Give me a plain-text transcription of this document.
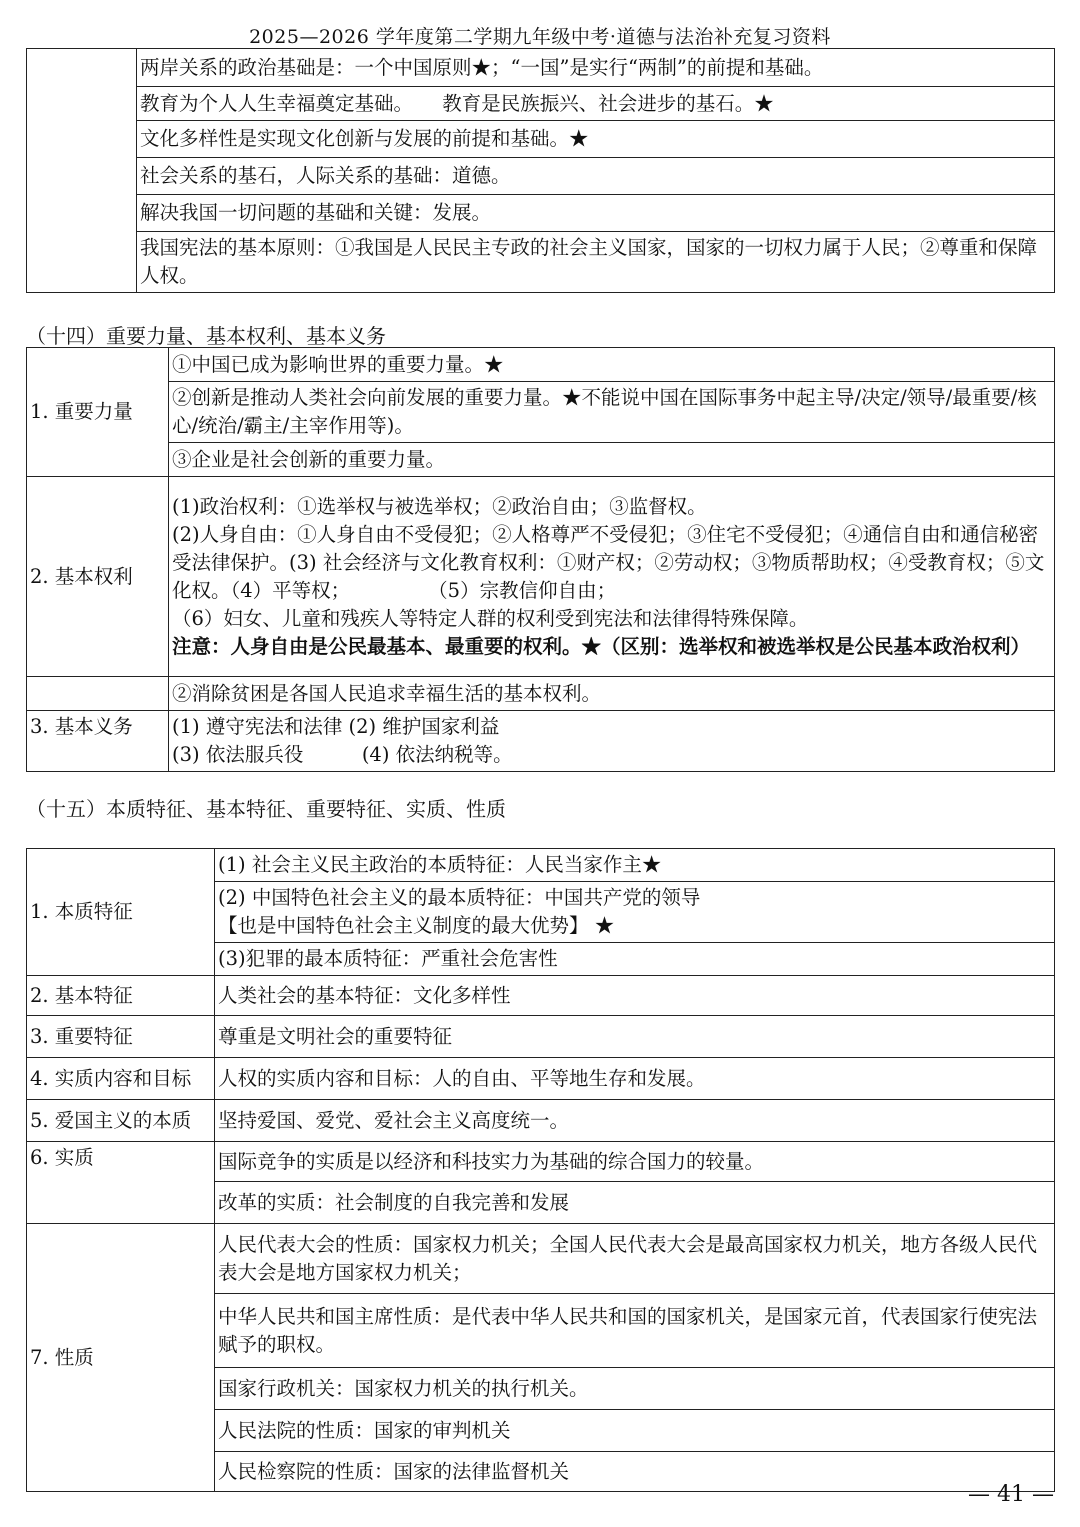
2025—2026 学年度第二学期九年级中考·道德与法治补充复习资料
	两岸关系的政治基础是：一个中国原则★；“一国”是实行“两制”的前提和基础。
教育为个人人生幸福奠定基础。　　教育是民族振兴、社会进步的基石。★
文化多样性是实现文化创新与发展的前提和基础。★
社会关系的基石，人际关系的基础：道德。
解决我国一切问题的基础和关键：发展。
我国宪法的基本原则：①我国是人民民主专政的社会主义国家，国家的一切权力属于人民；②尊重和保障人权。
（十四）重要力量、基本权利、基本义务
1. 重要力量	①中国已成为影响世界的重要力量。★
	②创新是推动人类社会向前发展的重要力量。★不能说中国在国际事务中起主导/决定/领导/最重要/核心/统治/霸主/主宰作用等)。
	③企业是社会创新的重要力量。
2. 基本权利	(1)政治权利：①选举权与被选举权；②政治自由；③监督权。
(2)人身自由：①人身自由不受侵犯；②人格尊严不受侵犯；③住宅不受侵犯；④通信自由和通信秘密受法律保护。(3) 社会经济与文化教育权利：①财产权；②劳动权；③物质帮助权；④受教育权；⑤文化权。（4）平等权；　　　　　（5）宗教信仰自由；
（6）妇女、儿童和残疾人等特定人群的权利受到宪法和法律得特殊保障。
注意：人身自由是公民最基本、最重要的权利。★（区别：选举权和被选举权是公民基本政治权利）

	②消除贫困是各国人民追求幸福生活的基本权利。
3. 基本义务	(1) 遵守宪法和法律 (2) 维护国家利益
(3) 依法服兵役　　　(4) 依法纳税等。
（十五）本质特征、基本特征、重要特征、实质、性质
1. 本质特征	(1) 社会主义民主政治的本质特征：人民当家作主★

	(2) 中国特色社会主义的最本质特征：中国共产党的领导
【也是中国特色社会主义制度的最大优势】 ★

	(3)犯罪的最本质特征：严重社会危害性
2. 基本特征	人类社会的基本特征：文化多样性
3. 重要特征	尊重是文明社会的重要特征
4. 实质内容和目标	人权的实质内容和目标：人的自由、平等地生存和发展。
5. 爱国主义的本质	坚持爱国、爱党、爱社会主义高度统一。
6. 实质	国际竞争的实质是以经济和科技实力为基础的综合国力的较量。
	改革的实质：社会制度的自我完善和发展
7. 性质	人民代表大会的性质：国家权力机关；全国人民代表大会是最高国家权力机关，地方各级人民代表大会是地方国家权力机关；
	中华人民共和国主席性质：是代表中华人民共和国的国家机关，是国家元首，代表国家行使宪法赋予的职权。
	国家行政机关：国家权力机关的执行机关。
	人民法院的性质：国家的审判机关
	人民检察院的性质：国家的法律监督机关
— 41 —
